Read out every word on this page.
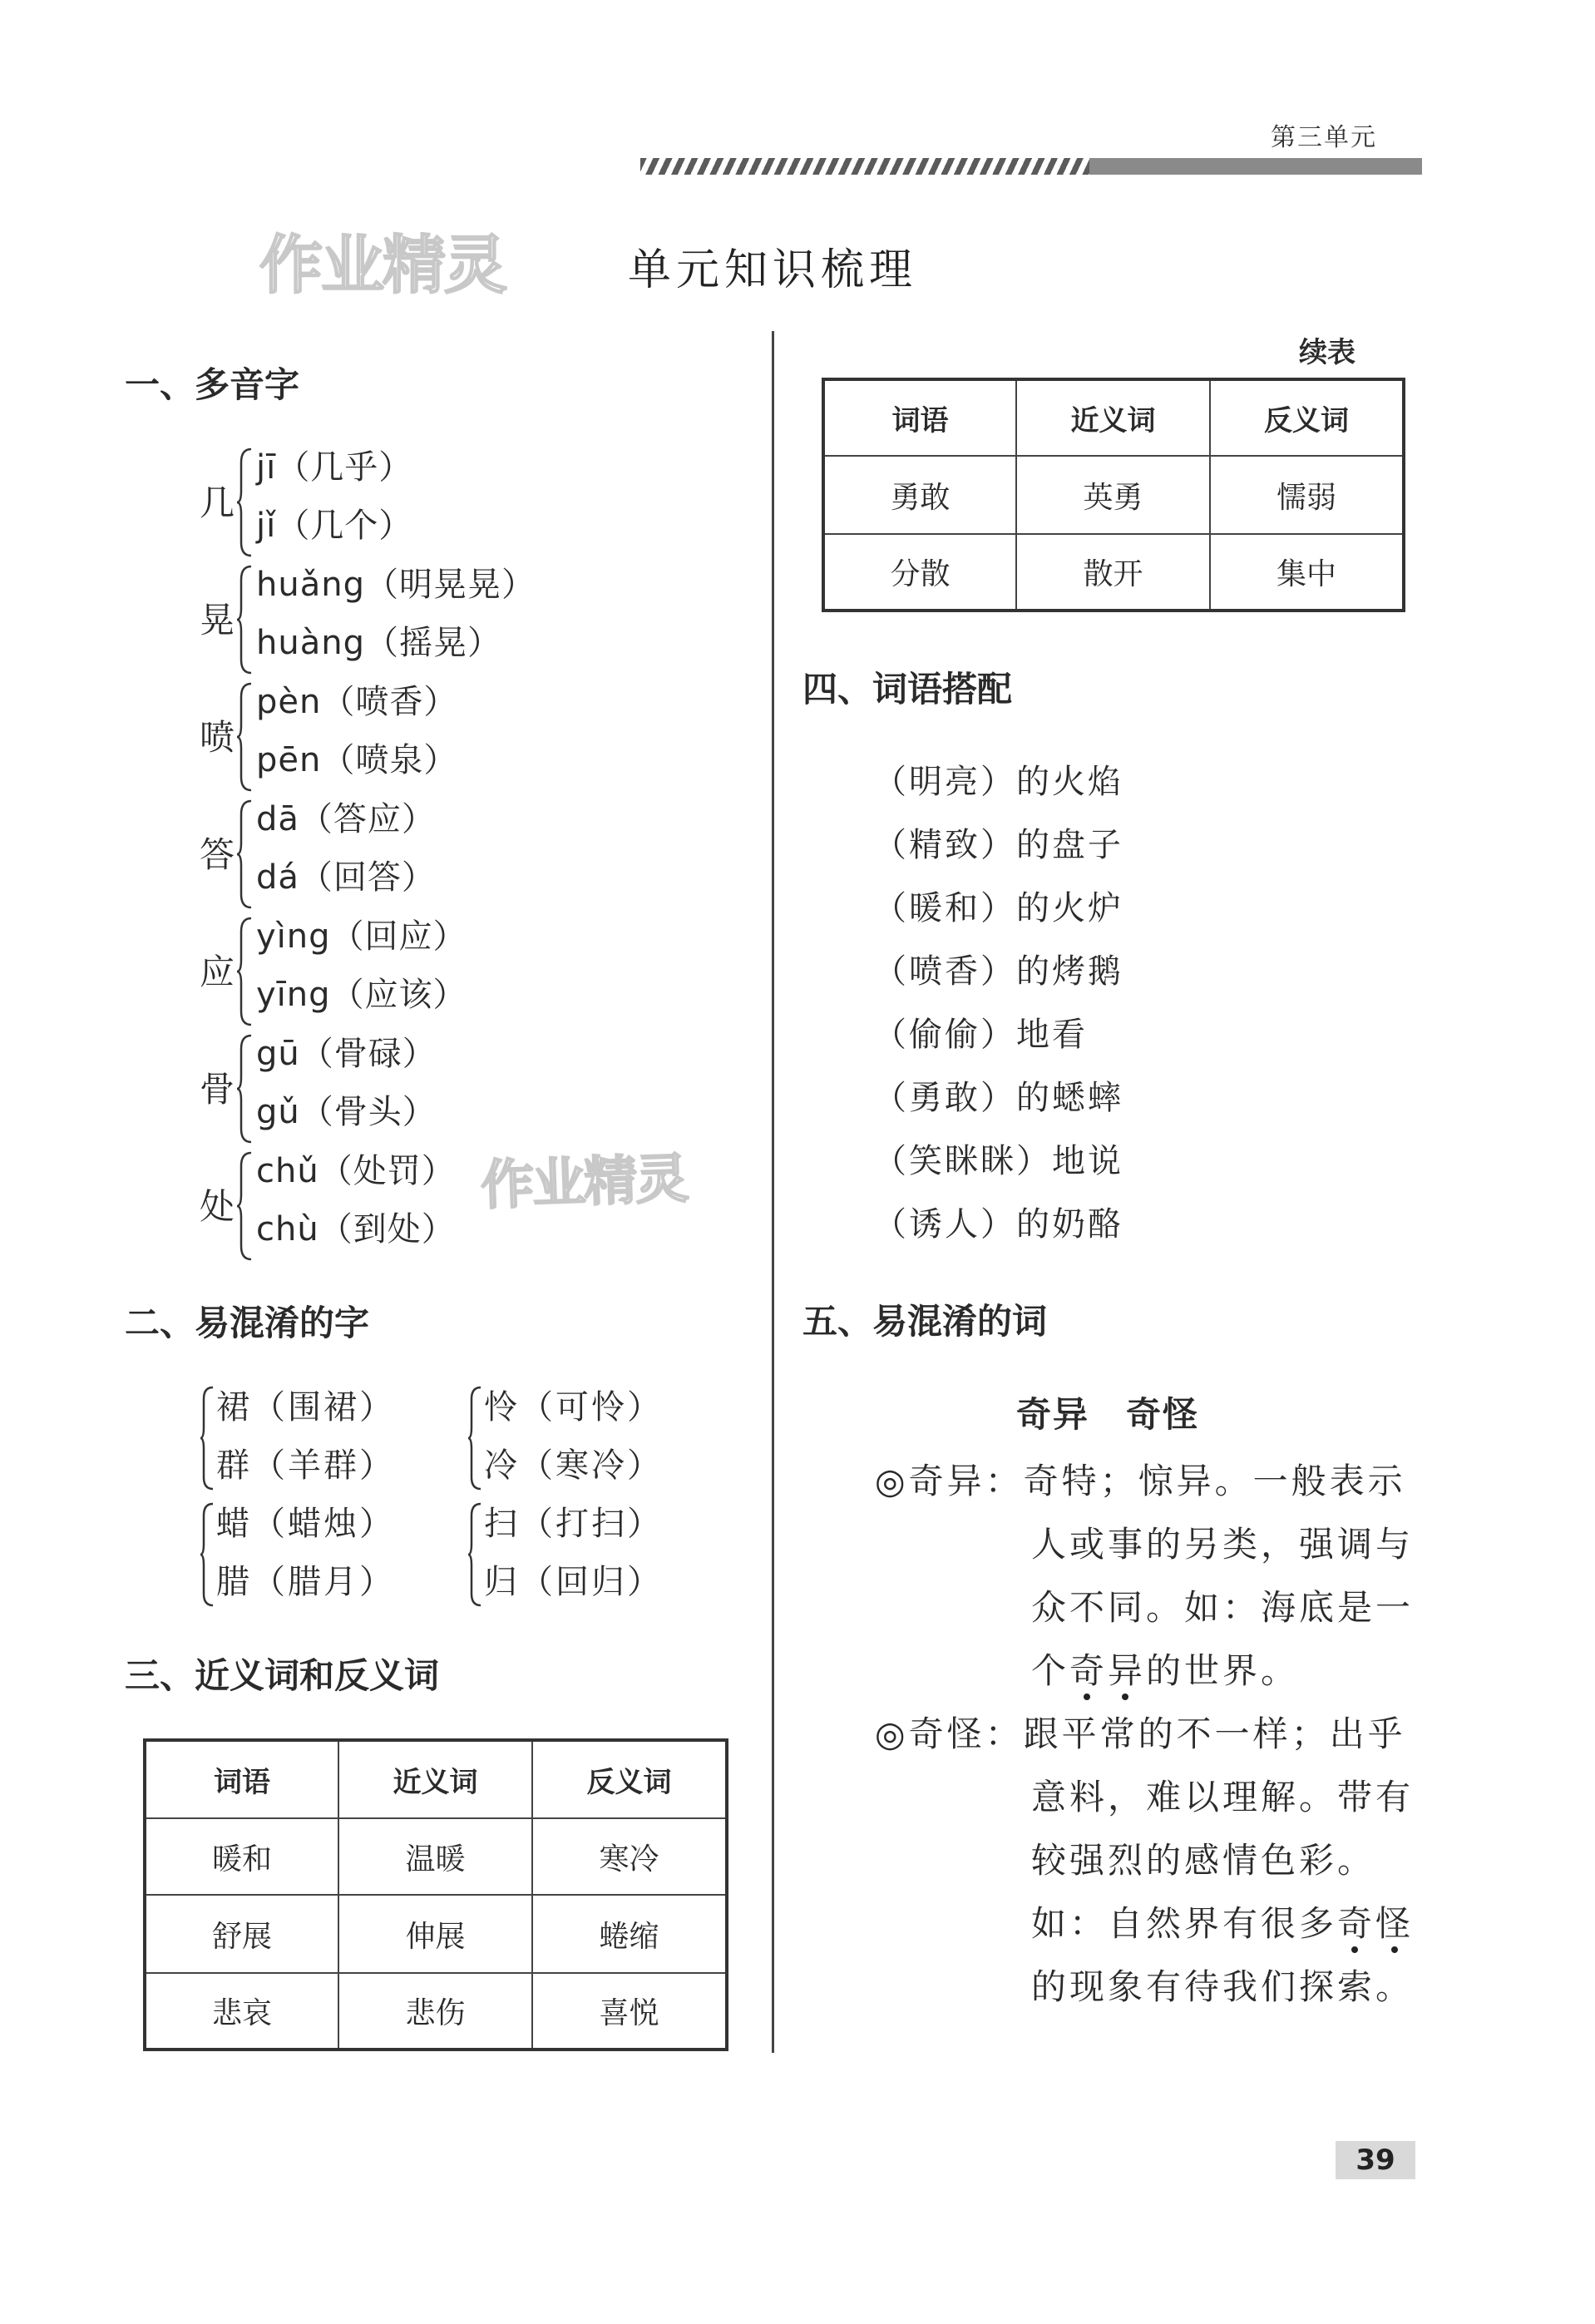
第三单元
作业精灵	单元知识梳理
一、多音字
几
jī（几乎）
jǐ（几个）
晃
huǎng（明晃晃）
huàng（摇晃）
喷
pèn（喷香）
pēn（喷泉）
答
dā（答应）
dá（回答）
应
yìng（回应）
yīng（应该）
骨
gū（骨碌）
gǔ（骨头）
处
chǔ（处罚）
chù（到处）
作业精灵
二、易混淆的字
裙（围裙）
群（羊群）
怜（可怜）
冷（寒冷）
蜡（蜡烛）
腊（腊月）
扫（打扫）
归（回归）
三、近义词和反义词
词语	近义词	反义词
暖和	温暖	寒冷
舒展	伸展	蜷缩
悲哀	悲伤	喜悦
续表
词语	近义词	反义词
勇敢	英勇	懦弱
分散	散开	集中
四、词语搭配
（明亮）的火焰
（精致）的盘子
（暖和）的火炉
（喷香）的烤鹅
（偷偷）地看
（勇敢）的蟋蟀
（笑眯眯）地说
（诱人）的奶酪
五、易混淆的词
奇异　奇怪
◎奇异：奇特；惊异。一般表示
人或事的另类，强调与
众不同。如：海底是一
个奇异的世界。
◎奇怪：跟平常的不一样；出乎
意料，难以理解。带有
较强烈的感情色彩。
如：自然界有很多奇怪
的现象有待我们探索。
39
